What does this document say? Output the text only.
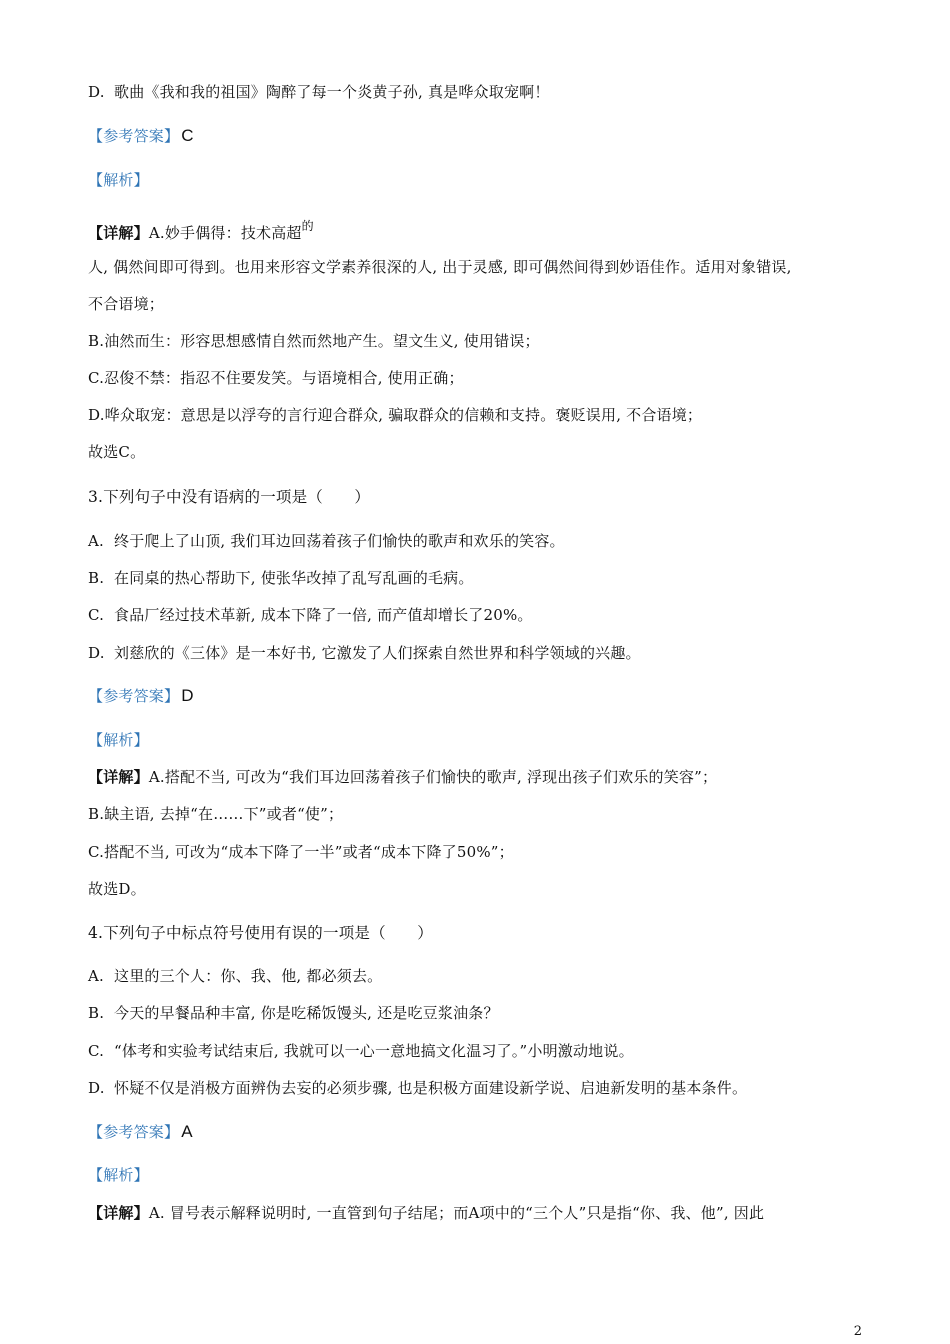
D. 歌曲《我和我的祖国》陶醉了每一个炎黄子孙, 真是哗众取宠啊！
【参考答案】 C
【解析】
【详解】A.妙手偶得：技术高超$^的$
人, 偶然间即可得到。也用来形容文学素养很深的人, 出于灵感, 即可偶然间得到妙语佳作。适用对象错误,
不合语境；
B.油然而生：形容思想感情自然而然地产生。望文生义, 使用错误；
C.忍俊不禁：指忍不住要发笑。与语境相合, 使用正确；
D.哗众取宠：意思是以浮夸的言行迎合群众, 骗取群众的信赖和支持。褒贬误用, 不合语境；
故选C。
3.下列句子中没有语病的一项是（　　）
A. 终于爬上了山顶, 我们耳边回荡着孩子们愉快的歌声和欢乐的笑容。
B. 在同桌的热心帮助下, 使张华改掉了乱写乱画的毛病。
C. 食品厂经过技术革新, 成本下降了一倍, 而产值却增长了20%。
D. 刘慈欣的《三体》是一本好书, 它激发了人们探索自然世界和科学领域的兴趣。
【参考答案】 D
【解析】
【详解】A.搭配不当, 可改为“我们耳边回荡着孩子们愉快的歌声, 浮现出孩子们欢乐的笑容”；
B.缺主语, 去掉“在……下”或者“使”；
C.搭配不当, 可改为“成本下降了一半”或者“成本下降了50%”；
故选D。
4.下列句子中标点符号使用有误的一项是（　　）
A. 这里的三个人：你、我、他, 都必须去。
B. 今天的早餐品种丰富, 你是吃稀饭馒头, 还是吃豆浆油条？
C. “体考和实验考试结束后, 我就可以一心一意地搞文化温习了。”小明激动地说。
D. 怀疑不仅是消极方面辨伪去妄的必须步骤, 也是积极方面建设新学说、启迪新发明的基本条件。
【参考答案】 A
【解析】
【详解】A. 冒号表示解释说明时, 一直管到句子结尾；而A项中的“三个人”只是指“你、我、他”, 因此
2
